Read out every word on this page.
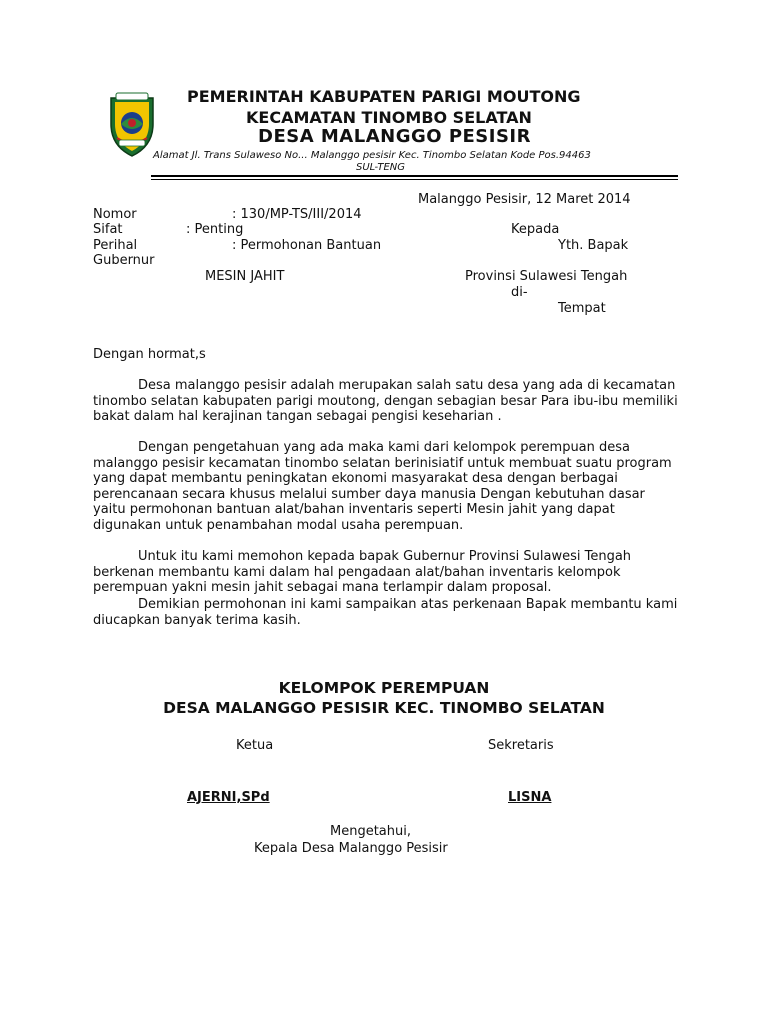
PEMERINTAH KABUPATEN PARIGI MOUTONG
KECAMATAN TINOMBO SELATAN
DESA MALANGGO PESISIR
Alamat Jl. Trans Sulaweso No... Malanggo pesisir Kec. Tinombo Selatan Kode Pos.94463
SUL-TENG
Malanggo Pesisir, 12 Maret 2014
Nomor	: 130/MP-TS/III/2014
Sifat	: Penting
Perihal	: Permohonan Bantuan
Gubernur
MESIN JAHIT
Kepada
Yth. Bapak
Provinsi Sulawesi Tengah
di-
Tempat
Dengan hormat,s
Desa malanggo pesisir adalah merupakan salah satu desa yang ada di kecamatan tinombo selatan kabupaten parigi moutong, dengan sebagian besar Para ibu-ibu memiliki bakat dalam hal kerajinan tangan sebagai pengisi keseharian .
Dengan pengetahuan yang ada maka kami dari kelompok perempuan desa malanggo pesisir kecamatan tinombo selatan berinisiatif untuk membuat suatu program yang dapat membantu peningkatan ekonomi masyarakat desa dengan berbagai perencanaan secara khusus melalui sumber daya manusia Dengan kebutuhan dasar yaitu permohonan bantuan alat/bahan inventaris seperti Mesin jahit yang dapat digunakan untuk penambahan modal usaha perempuan.
Untuk itu kami memohon kepada bapak Gubernur Provinsi Sulawesi Tengah berkenan membantu kami dalam hal pengadaan alat/bahan inventaris kelompok perempuan yakni mesin jahit sebagai mana terlampir dalam proposal.
Demikian permohonan ini kami sampaikan atas perkenaan Bapak membantu kami diucapkan banyak terima kasih.
KELOMPOK PEREMPUAN
DESA MALANGGO PESISIR KEC. TINOMBO SELATAN
Ketua	Sekretaris
AJERNI,SPd	LISNA
Mengetahui,
Kepala Desa Malanggo Pesisir
